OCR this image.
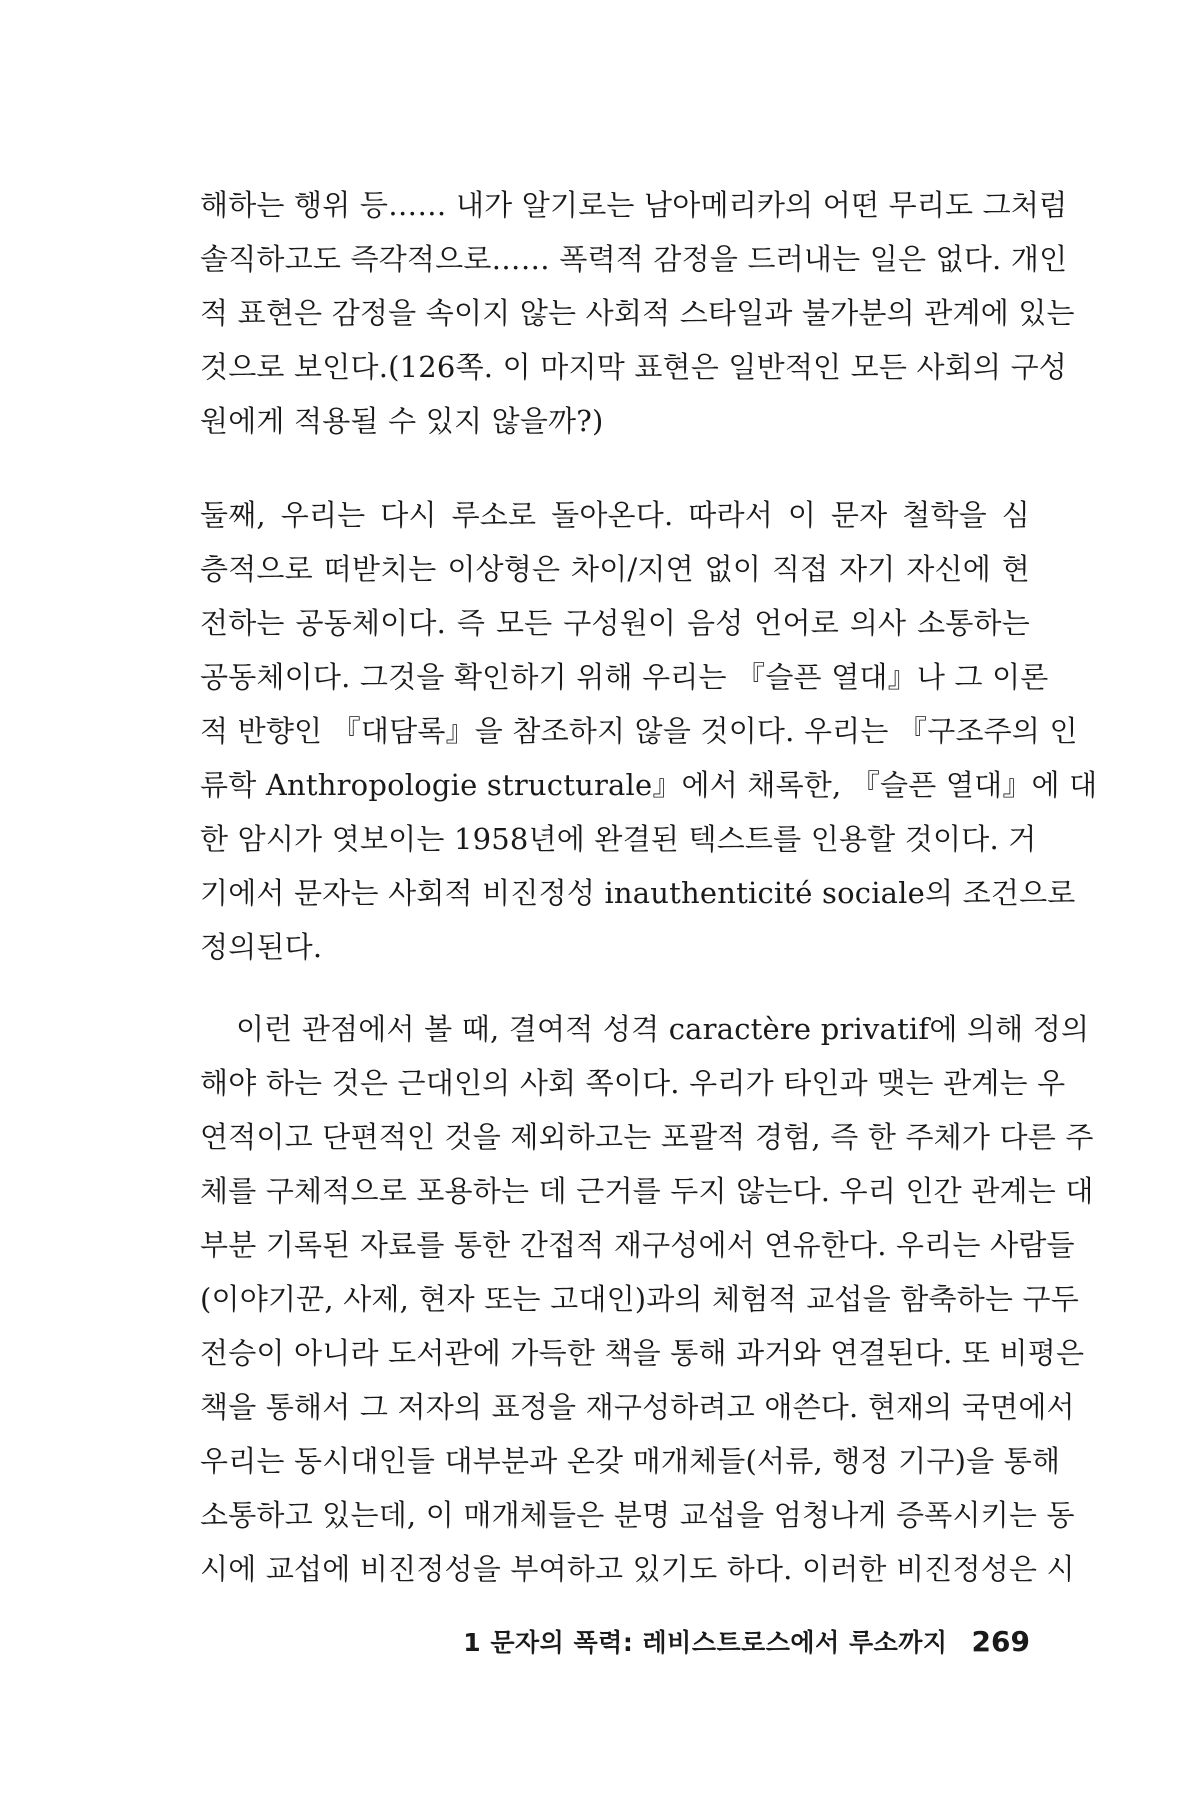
해하는 행위 등…… 내가 알기로는 남아메리카의 어떤 무리도 그처럼
솔직하고도 즉각적으로…… 폭력적 감정을 드러내는 일은 없다. 개인
적 표현은 감정을 속이지 않는 사회적 스타일과 불가분의 관계에 있는
것으로 보인다.(126쪽. 이 마지막 표현은 일반적인 모든 사회의 구성
원에게 적용될 수 있지 않을까?)
둘째, 우리는 다시 루소로 돌아온다. 따라서 이 문자 철학을 심
층적으로 떠받치는 이상형은 차이/지연 없이 직접 자기 자신에 현
전하는 공동체이다. 즉 모든 구성원이 음성 언어로 의사 소통하는
공동체이다. 그것을 확인하기 위해 우리는 『슬픈 열대』나 그 이론
적 반향인 『대담록』을 참조하지 않을 것이다. 우리는 『구조주의 인
류학 Anthropologie structurale』에서 채록한, 『슬픈 열대』에 대
한 암시가 엿보이는 1958년에 완결된 텍스트를 인용할 것이다. 거
기에서 문자는 사회적 비진정성 inauthenticité sociale의 조건으로
정의된다.
이런 관점에서 볼 때, 결여적 성격 caractère privatif에 의해 정의
해야 하는 것은 근대인의 사회 쪽이다. 우리가 타인과 맺는 관계는 우
연적이고 단편적인 것을 제외하고는 포괄적 경험, 즉 한 주체가 다른 주
체를 구체적으로 포용하는 데 근거를 두지 않는다. 우리 인간 관계는 대
부분 기록된 자료를 통한 간접적 재구성에서 연유한다. 우리는 사람들
(이야기꾼, 사제, 현자 또는 고대인)과의 체험적 교섭을 함축하는 구두
전승이 아니라 도서관에 가득한 책을 통해 과거와 연결된다. 또 비평은
책을 통해서 그 저자의 표정을 재구성하려고 애쓴다. 현재의 국면에서
우리는 동시대인들 대부분과 온갖 매개체들(서류, 행정 기구)을 통해
소통하고 있는데, 이 매개체들은 분명 교섭을 엄청나게 증폭시키는 동
시에 교섭에 비진정성을 부여하고 있기도 하다. 이러한 비진정성은 시
1 문자의 폭력: 레비스트로스에서 루소까지 269
